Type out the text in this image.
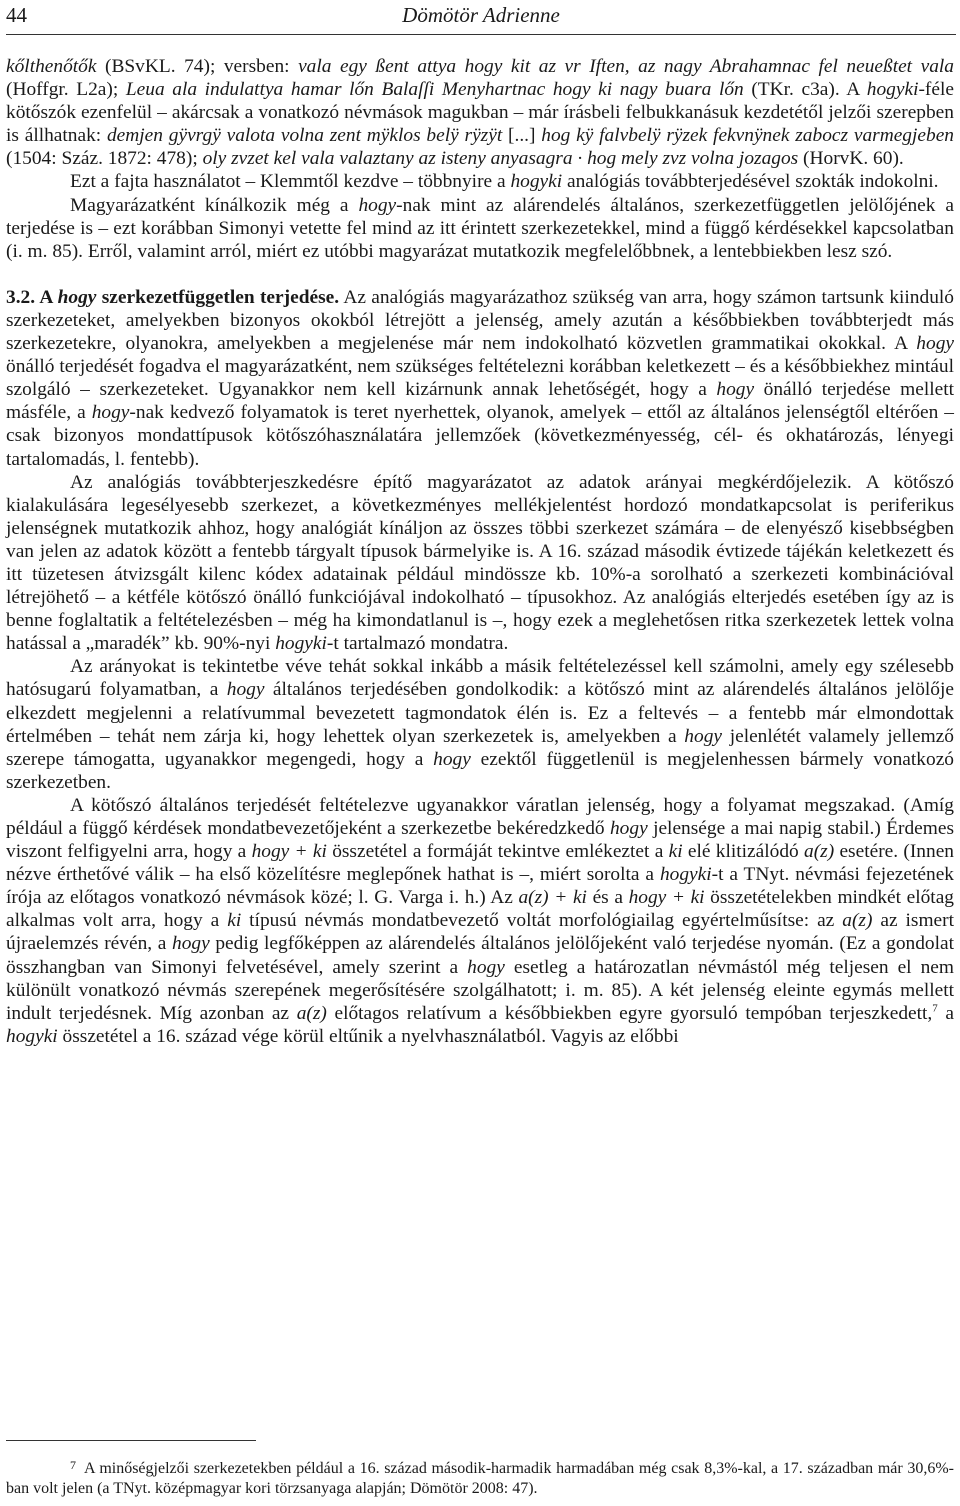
44	Dömötör Adrienne

kőlthenőtők (BSvKL. 74); versben: vala egy ßent attya hogy kit az vr Iften, az nagy Abrahamnac fel neueßtet vala (Hoffgr. L2a); Leua ala indulattya hamar lőn Balaſſi Menyhartnac hogy ki nagy buara lőn (TKr. c3a). A hogyki-féle kötőszók ezenfelül – akárcsak a vonatkozó névmások magukban – már írásbeli felbukkanásuk kezdetétől jelzői szerepben is állhatnak: demjen gÿvrgÿ valota volna zent mÿklos belÿ rÿzÿt [...] hog kÿ falvbelÿ rÿzek fekvnÿnek zabocz varmegjeben (1504: Száz. 1872: 478); oly zvzet kel vala valaztany az isteny anyasagra · hog mely zvz volna jozagos (HorvK. 60).

Ezt a fajta használatot – Klemmtől kezdve – többnyire a hogyki analógiás továbbterjedésével szokták indokolni.

Magyarázatként kínálkozik még a hogy-nak mint az alárendelés általános, szerkezetfüggetlen jelölőjének a terjedése is – ezt korábban Simonyi vetette fel mind az itt érintett szerkezetekkel, mind a függő kérdésekkel kapcsolatban (i. m. 85). Erről, valamint arról, miért ez utóbbi magyarázat mutatkozik megfelelőbbnek, a lentebbiekben lesz szó.

3.2. A hogy szerkezetfüggetlen terjedése. Az analógiás magyarázathoz szükség van arra, hogy számon tartsunk kiinduló szerkezeteket, amelyekben bizonyos okokból létrejött a jelenség, amely azután a későbbiekben továbbterjedt más szerkezetekre, olyanokra, amelyekben a megjelenése már nem indokolható közvetlen grammatikai okokkal. A hogy önálló terjedését fogadva el magyarázatként, nem szükséges feltételezni korábban keletkezett – és a későbbiekhez mintául szolgáló – szerkezeteket. Ugyanakkor nem kell kizárnunk annak lehetőségét, hogy a hogy önálló terjedése mellett másféle, a hogy-nak kedvező folyamatok is teret nyerhettek, olyanok, amelyek – ettől az általános jelenségtől eltérően – csak bizonyos mondattípusok kötőszóhasználatára jellemzőek (következményesség, cél- és okhatározás, lényegi tartalomadás, l. fentebb).

Az analógiás továbbterjeszkedésre építő magyarázatot az adatok arányai megkérdőjelezik. A kötőszó kialakulására legesélyesebb szerkezet, a következményes mellékjelentést hordozó mondatkapcsolat is periferikus jelenségnek mutatkozik ahhoz, hogy analógiát kínáljon az összes többi szerkezet számára – de elenyésző kisebbségben van jelen az adatok között a fentebb tárgyalt típusok bármelyike is. A 16. század második évtizede tájékán keletkezett és itt tüzetesen átvizsgált kilenc kódex adatainak például mindössze kb. 10%-a sorolható a szerkezeti kombinációval létrejöhető – a kétféle kötőszó önálló funkciójával indokolható – típusokhoz. Az analógiás elterjedés esetében így az is benne foglaltatik a feltételezésben – még ha kimondatlanul is –, hogy ezek a meglehetősen ritka szerkezetek lettek volna hatással a „maradék” kb. 90%-nyi hogyki-t tartalmazó mondatra.

Az arányokat is tekintetbe véve tehát sokkal inkább a másik feltételezéssel kell számolni, amely egy szélesebb hatósugarú folyamatban, a hogy általános terjedésében gondolkodik: a kötőszó mint az alárendelés általános jelölője elkezdett megjelenni a relatívummal bevezetett tagmondatok élén is. Ez a feltevés – a fentebb már elmondottak értelmében – tehát nem zárja ki, hogy lehettek olyan szerkezetek is, amelyekben a hogy jelenlétét valamely jellemző szerepe támogatta, ugyanakkor megengedi, hogy a hogy ezektől függetlenül is megjelenhessen bármely vonatkozó szerkezetben.

A kötőszó általános terjedését feltételezve ugyanakkor váratlan jelenség, hogy a folyamat megszakad. (Amíg például a függő kérdések mondatbevezetőjeként a szerkezetbe bekéredzkedő hogy jelensége a mai napig stabil.) Érdemes viszont felfigyelni arra, hogy a hogy + ki összetétel a formáját tekintve emlékeztet a ki elé klitizálódó a(z) esetére. (Innen nézve érthetővé válik – ha első közelítésre meglepőnek hathat is –, miért sorolta a hogyki-t a TNyt. névmási fejezetének írója az előtagos vonatkozó névmások közé; l. G. Varga i. h.) Az a(z) + ki és a hogy + ki összetételekben mindkét előtag alkalmas volt arra, hogy a ki típusú névmás mondatbevezető voltát morfológiailag egyértelműsítse: az a(z) az ismert újraelemzés révén, a hogy pedig legfőképpen az alárendelés általános jelölőjeként való terjedése nyomán. (Ez a gondolat összhangban van Simonyi felvetésével, amely szerint a hogy esetleg a határozatlan névmástól még teljesen el nem különült vonatkozó névmás szerepének megerősítésére szolgálhatott; i. m. 85). A két jelenség eleinte egymás mellett indult terjedésnek. Míg azonban az a(z) előtagos relatívum a későbbiekben egyre gyorsuló tempóban terjeszkedett,$^7$ a hogyki összetétel a 16. század vége körül eltűnik a nyelvhasználatból. Vagyis az előbbi

$^7$ A minőségjelzői szerkezetekben például a 16. század második-harmadik harmadában még csak 8,3%-kal, a 17. században már 30,6%-ban volt jelen (a TNyt. középmagyar kori törzsanyaga alapján; Dömötör 2008: 47).
